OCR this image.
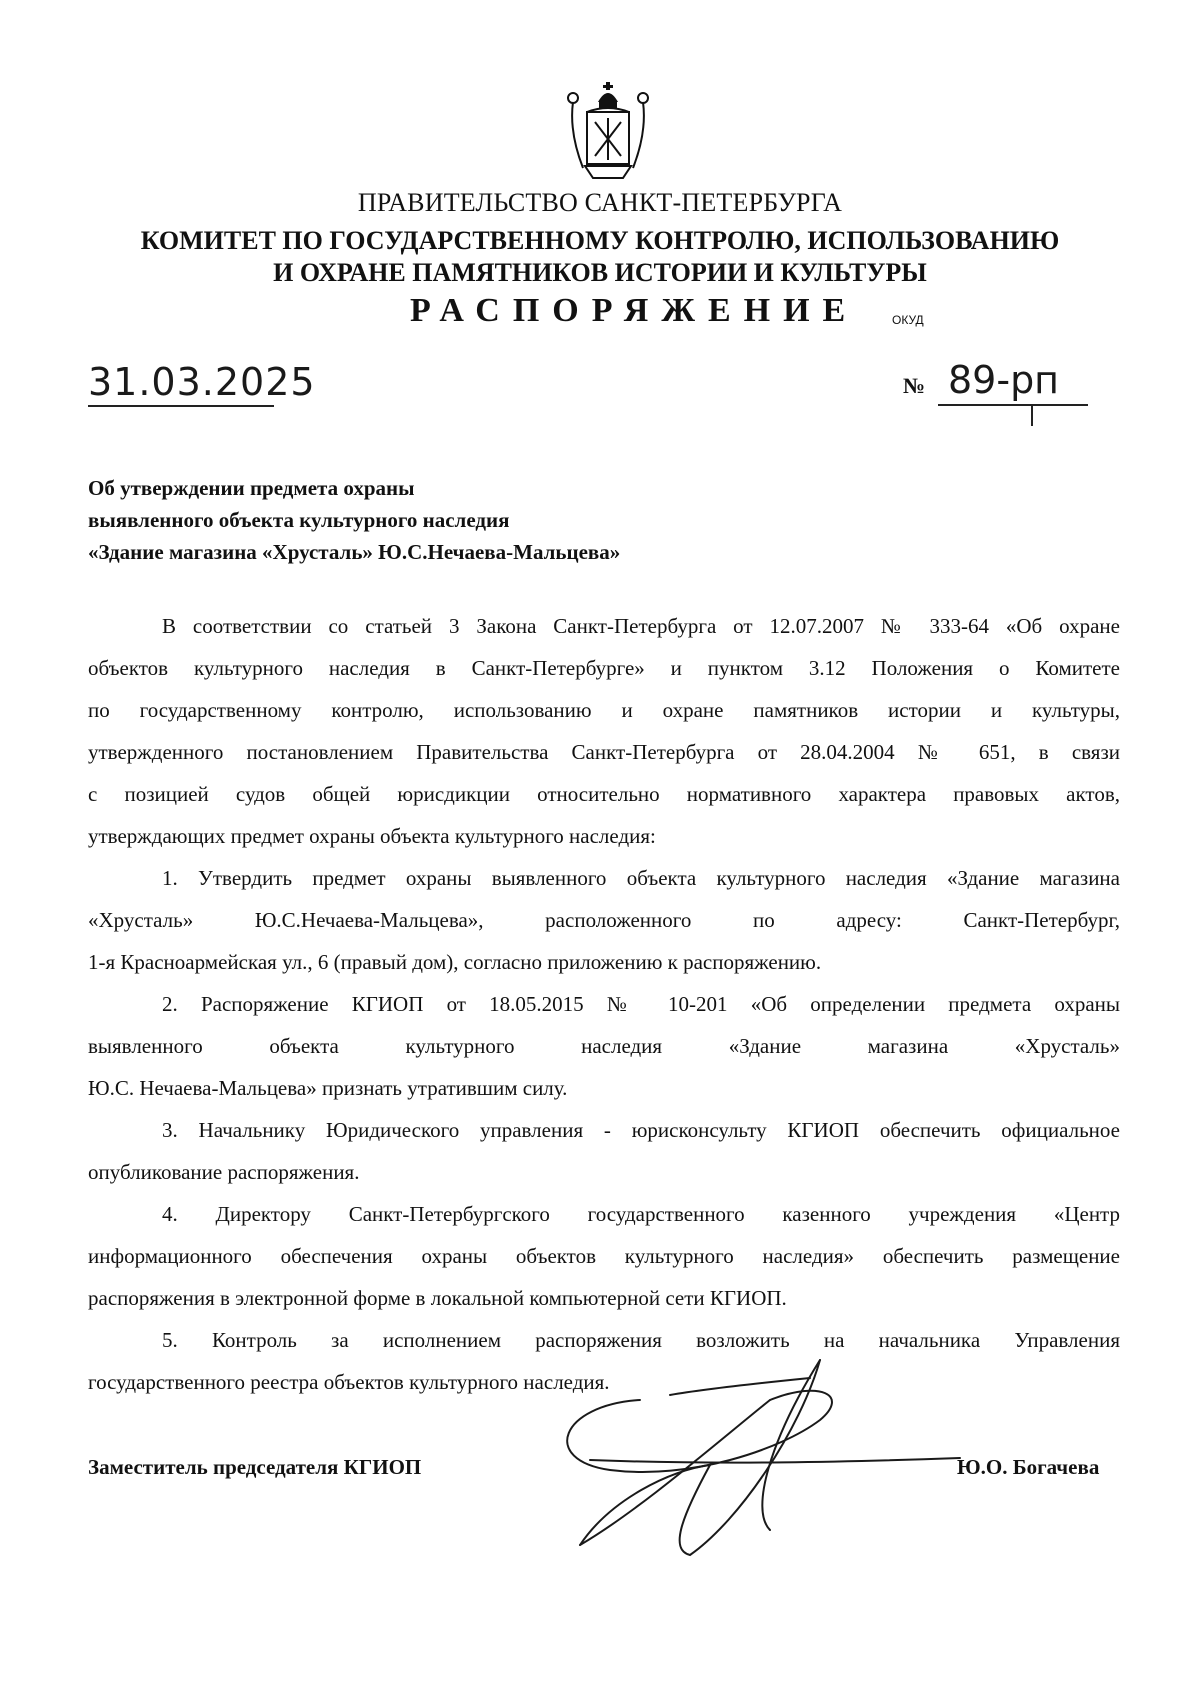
ПРАВИТЕЛЬСТВО САНКТ-ПЕТЕРБУРГА
КОМИТЕТ ПО ГОСУДАРСТВЕННОМУ КОНТРОЛЮ, ИСПОЛЬЗОВАНИЮ
И ОХРАНЕ ПАМЯТНИКОВ ИСТОРИИ И КУЛЬТУРЫ
РАСПОРЯЖЕНИЕ	ОКУД
31.03.2025	№ 89-рп
Об утверждении предмета охраны
выявленного объекта культурного наследия
«Здание магазина «Хрусталь» Ю.С.Нечаева-Мальцева»
В соответствии со статьей 3 Закона Санкт-Петербурга от 12.07.2007 № 333-64 «Об охране
объектов культурного наследия в Санкт-Петербурге» и пунктом 3.12 Положения о Комитете
по государственному контролю, использованию и охране памятников истории и культуры,
утвержденного постановлением Правительства Санкт-Петербурга от 28.04.2004 № 651, в связи
с позицией судов общей юрисдикции относительно нормативного характера правовых актов,
утверждающих предмет охраны объекта культурного наследия:
1. Утвердить предмет охраны выявленного объекта культурного наследия «Здание магазина
«Хрусталь» Ю.С.Нечаева-Мальцева», расположенного по адресу: Санкт-Петербург,
1-я Красноармейская ул., 6 (правый дом), согласно приложению к распоряжению.
2. Распоряжение КГИОП от 18.05.2015 № 10-201 «Об определении предмета охраны
выявленного объекта культурного наследия «Здание магазина «Хрусталь»
Ю.С. Нечаева-Мальцева» признать утратившим силу.
3. Начальнику Юридического управления - юрисконсульту КГИОП обеспечить официальное
опубликование распоряжения.
4. Директору Санкт-Петербургского государственного казенного учреждения «Центр
информационного обеспечения охраны объектов культурного наследия» обеспечить размещение
распоряжения в электронной форме в локальной компьютерной сети КГИОП.
5. Контроль за исполнением распоряжения возложить на начальника Управления
государственного реестра объектов культурного наследия.
Заместитель председателя КГИОП	Ю.О. Богачева
